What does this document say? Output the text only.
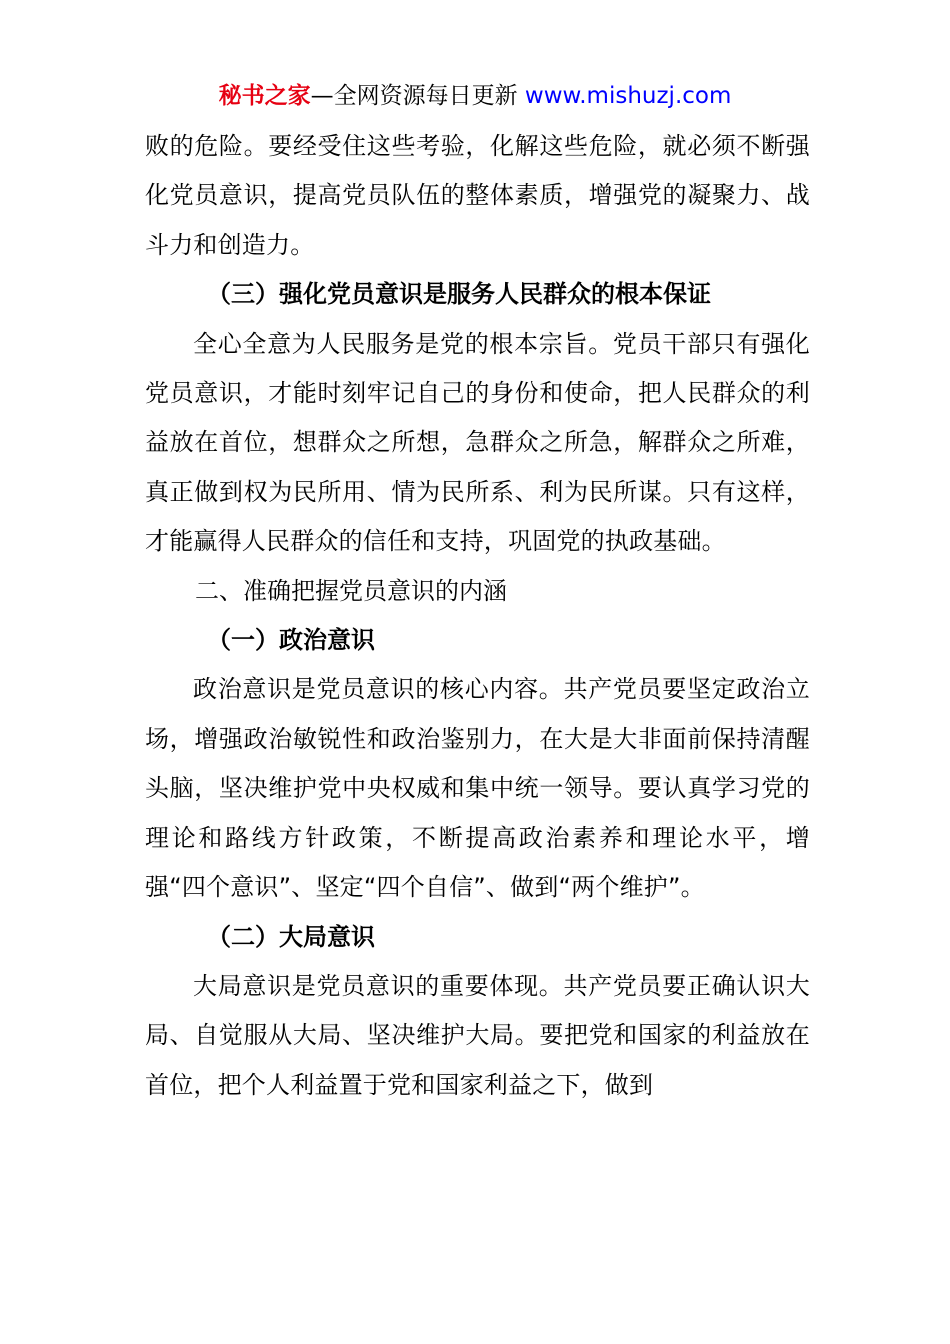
秘书之家—全网资源每日更新 www.mishuzj.com

败的危险。要经受住这些考验，化解这些危险，就必须不断强化党员意识，提高党员队伍的整体素质，增强党的凝聚力、战斗力和创造力。

（三）强化党员意识是服务人民群众的根本保证

全心全意为人民服务是党的根本宗旨。党员干部只有强化党员意识，才能时刻牢记自己的身份和使命，把人民群众的利益放在首位，想群众之所想，急群众之所急，解群众之所难，真正做到权为民所用、情为民所系、利为民所谋。只有这样，才能赢得人民群众的信任和支持，巩固党的执政基础。

二、准确把握党员意识的内涵

（一）政治意识

政治意识是党员意识的核心内容。共产党员要坚定政治立场，增强政治敏锐性和政治鉴别力，在大是大非面前保持清醒头脑，坚决维护党中央权威和集中统一领导。要认真学习党的理论和路线方针政策，不断提高政治素养和理论水平，增强“四个意识”、坚定“四个自信”、做到“两个维护”。

（二）大局意识

大局意识是党员意识的重要体现。共产党员要正确认识大局、自觉服从大局、坚决维护大局。要把党和国家的利益放在首位，把个人利益置于党和国家利益之下，做到
